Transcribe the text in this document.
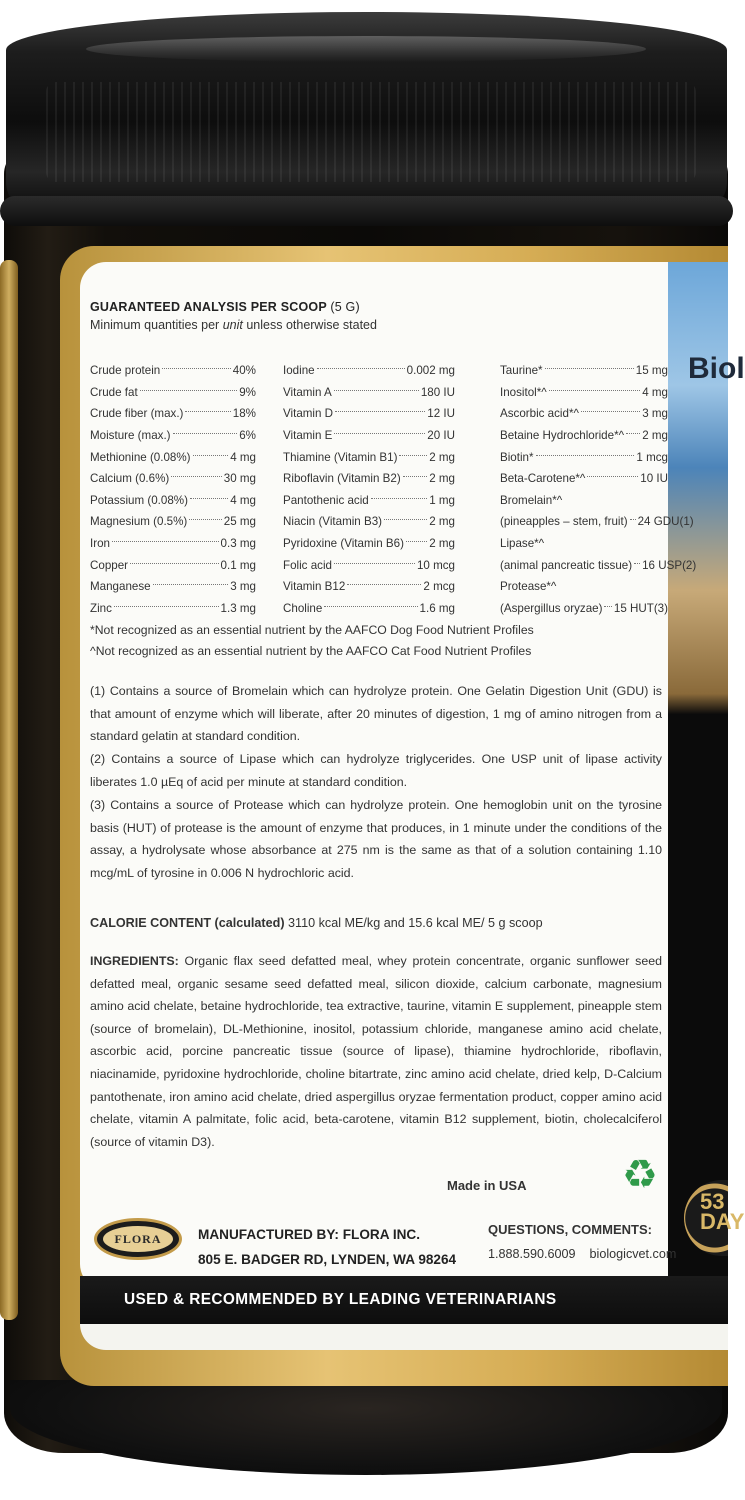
Biol
53
DAY
GUARANTEED ANALYSIS PER SCOOP (5 G)
Minimum quantities per unit unless otherwise stated
Crude protein	40%
Crude fat	9%
Crude fiber (max.)	18%
Moisture (max.)	6%
Methionine (0.08%)	4 mg
Calcium (0.6%)	30 mg
Potassium (0.08%)	4 mg
Magnesium (0.5%)	25 mg
Iron	0.3 mg
Copper	0.1 mg
Manganese	3 mg
Zinc	1.3 mg
Iodine	0.002 mg
Vitamin A	180 IU
Vitamin D	12 IU
Vitamin E	20 IU
Thiamine (Vitamin B1)	2 mg
Riboflavin (Vitamin B2) 2 mg
Pantothenic acid	1 mg
Niacin (Vitamin B3)	2 mg
Pyridoxine (Vitamin B6) 2 mg
Folic acid	10 mcg
Vitamin B12	2 mcg
Choline	1.6 mg
Taurine*	15 mg
Inositol*^	4 mg
Ascorbic acid*^	3 mg
Betaine Hydrochloride*^ 2 mg
Biotin*	1 mcg
Beta-Carotene*^	10 IU
Bromelain*^
(pineapples – stem, fruit) 24 GDU(1)
Lipase*^
(animal pancreatic tissue) 16 USP(2)
Protease*^
(Aspergillus oryzae) 15 HUT(3)
*Not recognized as an essential nutrient by the AAFCO Dog Food Nutrient Profiles
^Not recognized as an essential nutrient by the AAFCO Cat Food Nutrient Profiles
(1) Contains a source of Bromelain which can hydrolyze protein. One Gelatin Digestion Unit (GDU) is that amount of enzyme which will liberate, after 20 minutes of digestion, 1 mg of amino nitrogen from a standard gelatin at standard condition.
(2) Contains a source of Lipase which can hydrolyze triglycerides. One USP unit of lipase activity liberates 1.0 µEq of acid per minute at standard condition.
(3) Contains a source of Protease which can hydrolyze protein. One hemoglobin unit on the tyrosine basis (HUT) of protease is the amount of enzyme that produces, in 1 minute under the conditions of the assay, a hydrolysate whose absorbance at 275 nm is the same as that of a solution containing 1.10 mcg/mL of tyrosine in 0.006 N hydrochloric acid.
CALORIE CONTENT (calculated) 3110 kcal ME/kg and 15.6 kcal ME/ 5 g scoop
INGREDIENTS: Organic flax seed defatted meal, whey protein concentrate, organic sunflower seed defatted meal, organic sesame seed defatted meal, silicon dioxide, calcium carbonate, magnesium amino acid chelate, betaine hydrochloride, tea extractive, taurine, vitamin E supplement, pineapple stem (source of bromelain), DL-Methionine, inositol, potassium chloride, manganese amino acid chelate, ascorbic acid, porcine pancreatic tissue (source of lipase), thiamine hydrochloride, riboflavin, niacinamide, pyridoxine hydrochloride, choline bitartrate, zinc amino acid chelate, dried kelp, D-Calcium pantothenate, iron amino acid chelate, dried aspergillus oryzae fermentation product, copper amino acid chelate, vitamin A palmitate, folic acid, beta-carotene, vitamin B12 supplement, biotin, cholecalciferol (source of vitamin D3).
Made in USA ♻
FLORA	MANUFACTURED BY: FLORA INC.
805 E. BADGER RD, LYNDEN, WA 98264
QUESTIONS, COMMENTS:
1.888.590.6009 biologicvet.com
USED & RECOMMENDED BY LEADING VETERINARIANS
